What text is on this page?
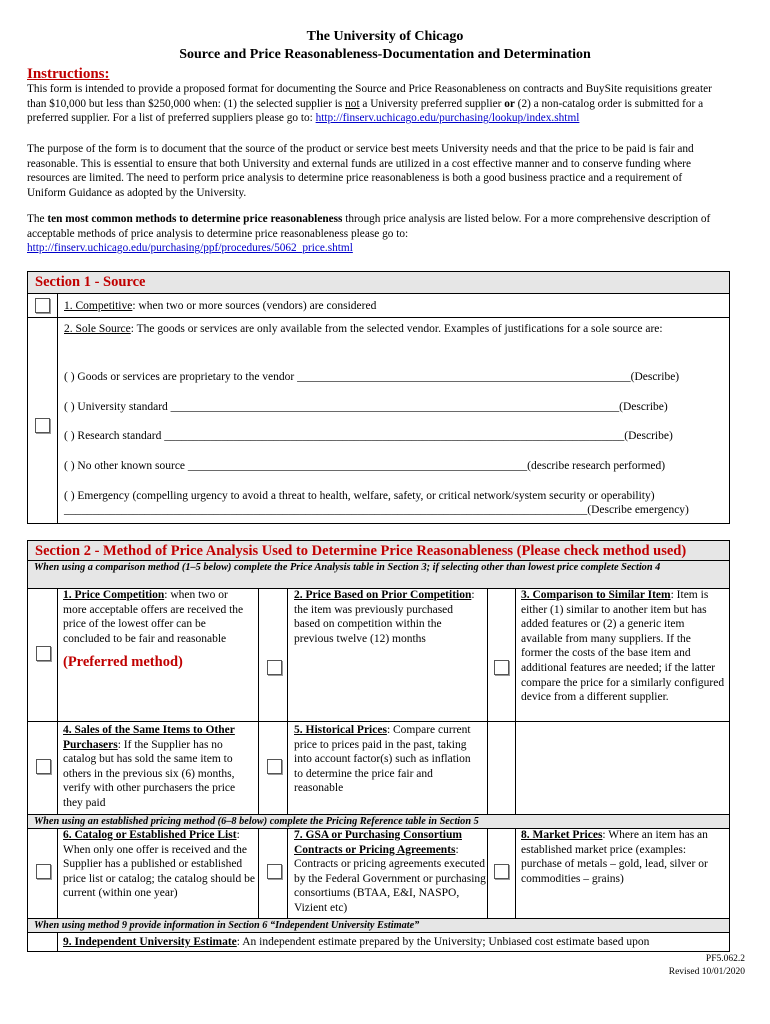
The University of Chicago
Source and Price Reasonableness-Documentation and Determination
Instructions:
This form is intended to provide a proposed format for documenting the Source and Price Reasonableness on contracts and BuySite requisitions greater than $10,000 but less than $250,000 when: (1) the selected supplier is not a University preferred supplier or (2) a non-catalog order is submitted for a preferred supplier. For a list of preferred suppliers please go to: http://finserv.uchicago.edu/purchasing/lookup/index.shtml
The purpose of the form is to document that the source of the product or service best meets University needs and that the price to be paid is fair and reasonable. This is essential to ensure that both University and external funds are utilized in a cost effective manner and to conserve funding where resources are limited. The need to perform price analysis to determine price reasonableness is both a good business practice and a requirement of Uniform Guidance as adopted by the University.
The ten most common methods to determine price reasonableness through price analysis are listed below. For a more comprehensive description of acceptable methods of price analysis to determine price reasonableness please go to:
http://finserv.uchicago.edu/purchasing/ppf/procedures/5062_price.shtml
Section 1 - Source
1. Competitive: when two or more sources (vendors) are considered
2. Sole Source: The goods or services are only available from the selected vendor. Examples of justifications for a sole source are:
( ) Goods or services are proprietary to the vendor __________________________________________________________(Describe)
( ) University standard ______________________________________________________________________________(Describe)
( ) Research standard ________________________________________________________________________________(Describe)
( ) No other known source ___________________________________________________________(describe research performed)
( ) Emergency (compelling urgency to avoid a threat to health, welfare, safety, or critical network/system security or operability)
___________________________________________________________________________________________(Describe emergency)
Section 2 - Method of Price Analysis Used to Determine Price Reasonableness (Please check method used)
When using a comparison method (1–5 below) complete the Price Analysis table in Section 3; if selecting other than lowest price complete Section 4
1. Price Competition: when two or more acceptable offers are received the price of the lowest offer can be concluded to be fair and reasonable
(Preferred method)
2. Price Based on Prior Competition: the item was previously purchased based on competition within the previous twelve (12) months
3. Comparison to Similar Item: Item is either (1) similar to another item but has added features or (2) a generic item available from many suppliers. If the former the costs of the base item and additional features are needed; if the latter compare the price for a similarly configured device from a different supplier.
4. Sales of the Same Items to Other Purchasers: If the Supplier has no catalog but has sold the same item to others in the previous six (6) months, verify with other purchasers the price they paid
5. Historical Prices: Compare current price to prices paid in the past, taking into account factor(s) such as inflation to determine the price fair and reasonable
When using an established pricing method (6–8 below) complete the Pricing Reference table in Section 5
6. Catalog or Established Price List: When only one offer is received and the Supplier has a published or established price list or catalog; the catalog should be current (within one year)
7. GSA or Purchasing Consortium Contracts or Pricing Agreements: Contracts or pricing agreements executed by the Federal Government or purchasing consortiums (BTAA, E&I, NASPO, Vizient etc)
8. Market Prices: Where an item has an established market price (examples: purchase of metals – gold, lead, silver or commodities – grains)
When using method 9 provide information in Section 6 “Independent University Estimate”
9. Independent University Estimate: An independent estimate prepared by the University; Unbiased cost estimate based upon
PF5.062.2
Revised 10/01/2020
